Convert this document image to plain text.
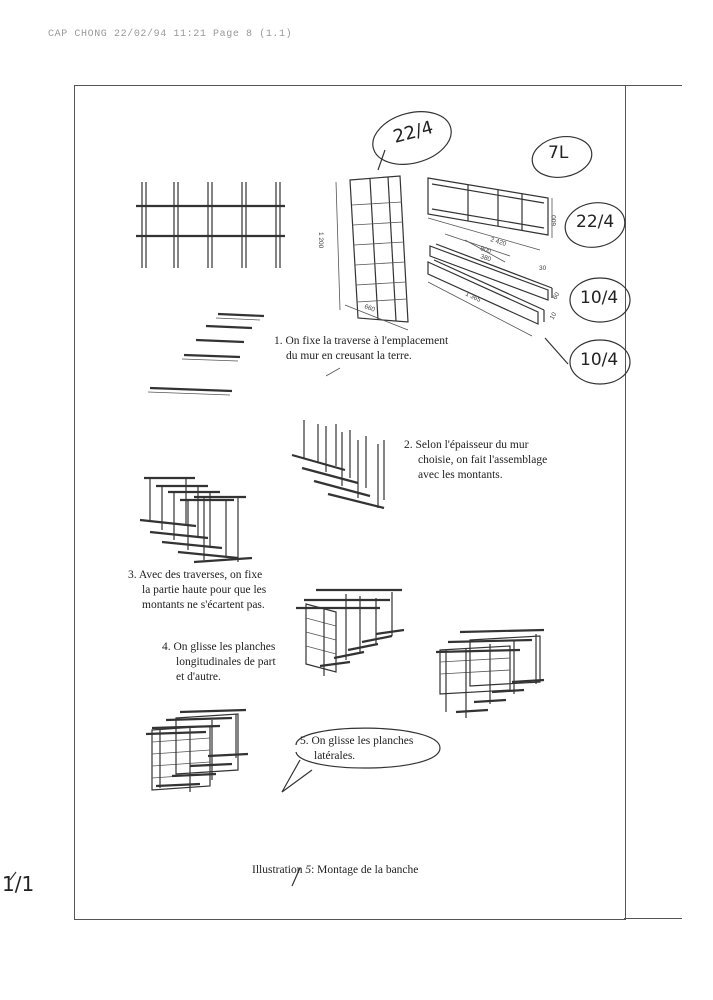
CAP CHONG 22/02/94 11:21 Page 8 (1.1)
1 200
660
2 420
800
380
600
1 365
30
60
10
22/4
7L
22/4
10/4
10/4
1/1
1. On fixe la traverse à l'emplacement
du mur en creusant la terre.
2. Selon l'épaisseur du mur
choisie, on fait l'assemblage
avec les montants.
3. Avec des traverses, on fixe
la partie haute pour que les
montants ne s'écartent pas.
4. On glisse les planches
longitudinales de part
et d'autre.
5. On glisse les planches
latérales.
Illustration 5: Montage de la banche
